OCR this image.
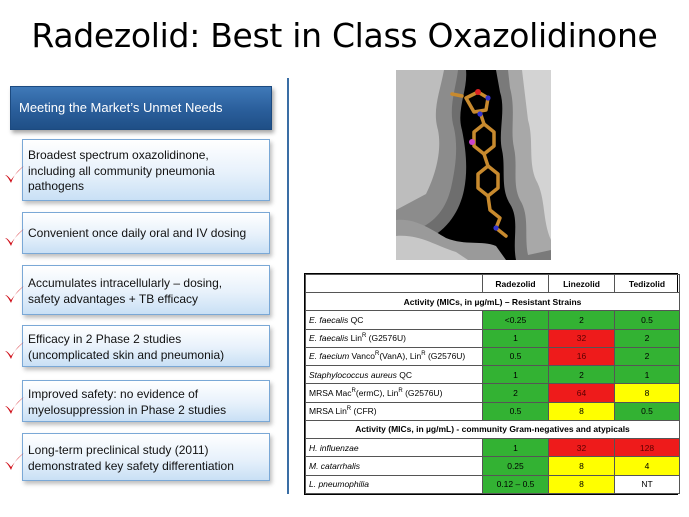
Radezolid: Best in Class Oxazolidinone
Meeting the Market’s Unmet Needs
Broadest spectrum oxazolidinone,
including all community pneumonia
pathogens
Convenient once daily oral and IV dosing
Accumulates intracellularly – dosing,
safety advantages + TB efficacy
Efficacy in 2 Phase 2 studies
(uncomplicated skin and pneumonia)
Improved safety: no evidence of
myelosuppression in Phase 2 studies
Long-term preclinical study (2011)
demonstrated key safety differentiation
	Radezolid	Linezolid	Tedizolid
Activity (MICs, in µg/mL) – Resistant Strains			
E. faecalis QC	<0.25	2	0.5
E. faecalis Lin$^R$ (G2576U)	1	32	2
E. faecium Vanco$^R$(VanA), Lin$^R$ (G2576U)	0.5	16	2
Staphylococcus aureus QC	1	2	1
MRSA Mac$^R$(ermC), Lin$^R$ (G2576U)	2	64	8
MRSA Lin$^R$ (CFR)	0.5	8	0.5
Activity (MICs, in µg/mL) - community Gram-negatives and atypicals			
H. influenzae	1	32	128
M. catarrhalis	0.25	8	4
L. pneumophilia	0.12 – 0.5	8	NT
